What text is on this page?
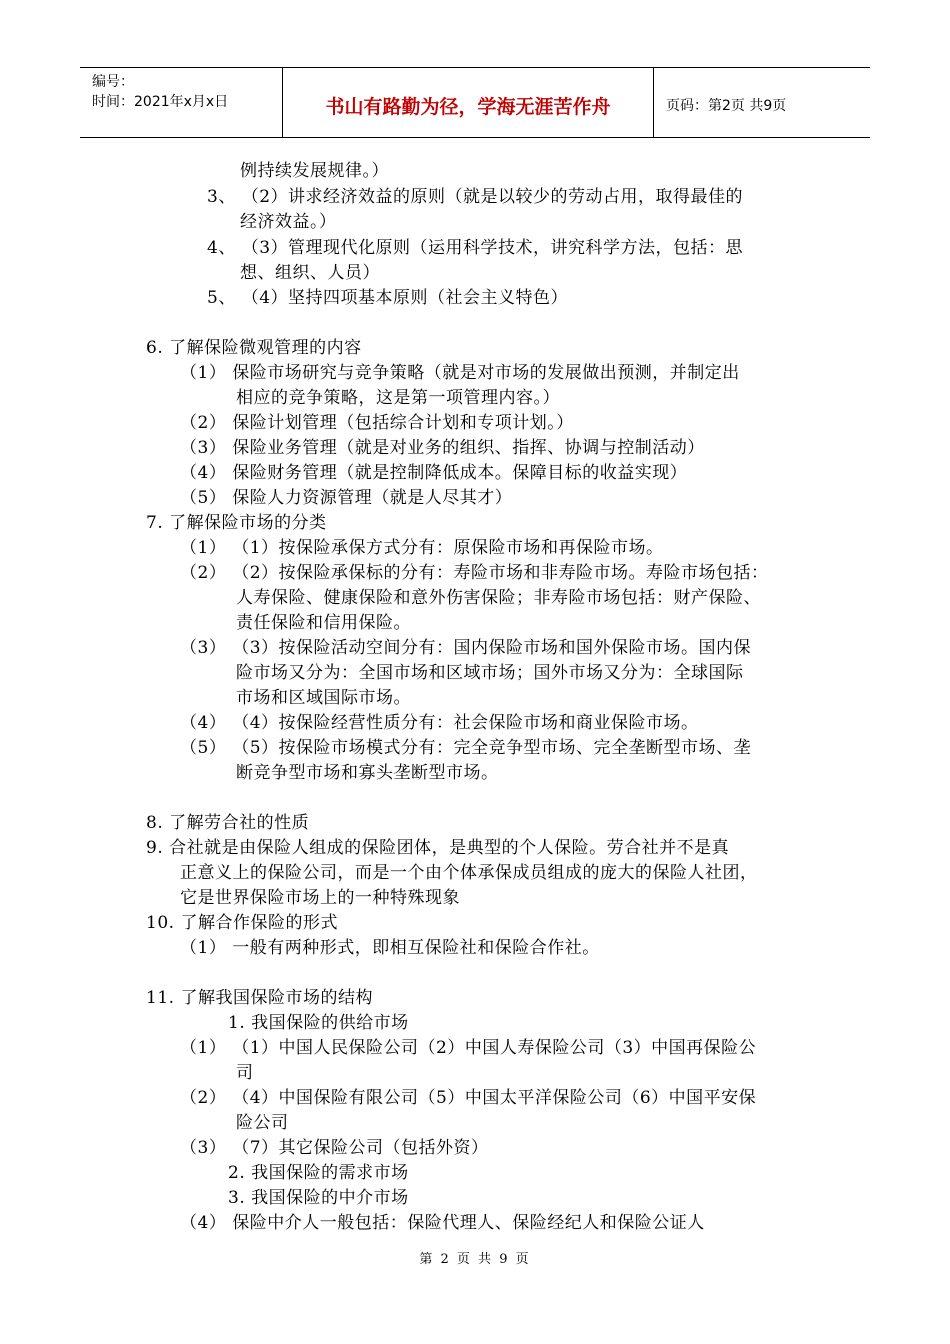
编号：
时间：2021年x月x日	书山有路勤为径，学海无涯苦作舟	页码：第2页 共9页
例持续发展规律。）
3、 （2）讲求经济效益的原则（就是以较少的劳动占用，取得最佳的
经济效益。）
4、 （3）管理现代化原则（运用科学技术，讲究科学方法，包括：思
想、组织、人员）
5、 （4）坚持四项基本原则（社会主义特色）
6. 了解保险微观管理的内容
（1） 保险市场研究与竞争策略（就是对市场的发展做出预测，并制定出
相应的竞争策略，这是第一项管理内容。）
（2） 保险计划管理（包括综合计划和专项计划。）
（3） 保险业务管理（就是对业务的组织、指挥、协调与控制活动）
（4） 保险财务管理（就是控制降低成本。保障目标的收益实现）
（5） 保险人力资源管理（就是人尽其才）
7. 了解保险市场的分类
（1） （1）按保险承保方式分有：原保险市场和再保险市场。
（2） （2）按保险承保标的分有：寿险市场和非寿险市场。寿险市场包括：
人寿保险、健康保险和意外伤害保险；非寿险市场包括：财产保险、
责任保险和信用保险。
（3） （3）按保险活动空间分有：国内保险市场和国外保险市场。国内保
险市场又分为：全国市场和区域市场；国外市场又分为：全球国际
市场和区域国际市场。
（4） （4）按保险经营性质分有：社会保险市场和商业保险市场。
（5） （5）按保险市场模式分有：完全竞争型市场、完全垄断型市场、垄
断竞争型市场和寡头垄断型市场。
8. 了解劳合社的性质
9. 合社就是由保险人组成的保险团体，是典型的个人保险。劳合社并不是真
正意义上的保险公司，而是一个由个体承保成员组成的庞大的保险人社团，
它是世界保险市场上的一种特殊现象
10. 了解合作保险的形式
（1） 一般有两种形式，即相互保险社和保险合作社。
11. 了解我国保险市场的结构
1. 我国保险的供给市场
（1） （1）中国人民保险公司（2）中国人寿保险公司（3）中国再保险公
司
（2） （4）中国保险有限公司（5）中国太平洋保险公司（6）中国平安保
险公司
（3） （7）其它保险公司（包括外资）
2. 我国保险的需求市场
3. 我国保险的中介市场
（4） 保险中介人一般包括：保险代理人、保险经纪人和保险公证人
第 2 页 共 9 页
